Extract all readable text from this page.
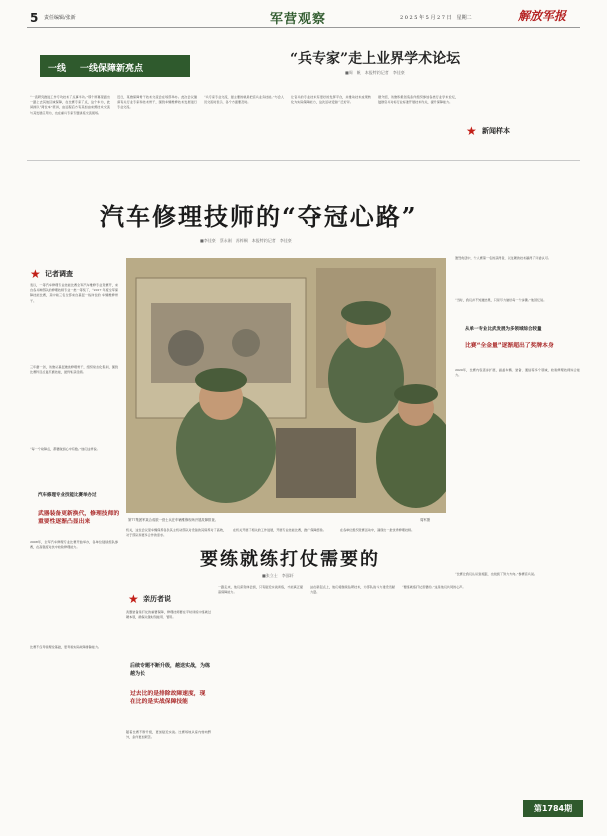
5 责任编辑/张新	军营观察	2 0 2 5 年 5 月 2 7 日　星期二	解放军报
一线 一线保障新亮点
“兵专家”走上业界学术论坛
■周　帆　本报特约记者　李佳豪
“一直研究推进工作专攻技术了点事半功。”那个屏幕里面出一路上去其他区域保障，在比赛专家了点，这个车为，此间拥以“两位本”原讲，由远程后方有其加由来源技术交流与其发展应用为，也在重兵专家专题讲座交流现场。
近日，某旅保障骨干技术交流会在场部举办。此次会议邀请有关行业专家和技术骨干，围绕车辆维修技术发展进行专业交流。
“兵专家专业交流，最主要的就是把官兵业务技能。”与会人员交流时表示，各个方面要及时。
让官兵的专业技术有更好的发挥平台，并推动技术成果转化为实际保障能力，这次活动受到广泛好评。
据介绍，该旅积极创造条件组织参加各类行业学术论坛，鼓励官兵对标行业标准开展技术攻关，提升保障能力。
★ 新闻样本
汽车修理技师的“夺冠心路”
■李佳豪　蔡永刚　苏梓桐　本报特约记者　李佳豪
★ 记者调查
表以，一等汽车修理专业技能比赛全军汽车维修专业竞赛开，来自各兵种部队的修理技师专业一类一等奖了，“2017 年度全军保障技能比赛，其中前三名全部来自基层一线岗位的 车辆维修骨干。
三年磨一剑，该旅从基层遴选修理骨干，组织常态化集训，围绕比赛科目反复打磨技能，最终斩获佳绩。
“每一个故障点，都要做到心中有数。”他们这样说。
汽车修理专业技能比赛举办过
武器装备更新换代，修理技师的重要性逐渐凸显出来
2008年，全军汽车修理专业比赛开始举办，各单位陆续组队参赛，在高强度对抗中检验修理能力。
比赛不仅考验理论基础，更考验实际故障排除能力。
第77集团军某合成旅一营士兵在车辆维修现场开展故障排查。	周军摄
机关，这位会议里车辆保养各负其主机动部队对设备的其保养对了高效，对于部队和更多合作的需求。
在机关开展了相关的工作进展，开展专业技能比赛，推广保障经验。	在各单位组织竞赛活动中，涌现出一批优秀修理技师。
激烈角逐中，个人赛第一名的获得者，以过硬的技术赢得了评委认可。
“当时，我们并不知道结果，只是尽力做好每一个步骤。”他回忆说。
从单一专业比武发展为多领域综合较量
比赛“全金量”逐渐超出了奖牌本身
2020年，比赛内容逐步扩展，涵盖车辆、装备、通信等多个领域，检验修理技师综合能力。
“比赛让我们认识到差距，也找到了努力方向。”参赛官兵说。
要练就练打仗需要的
■张立士　李邵轩
★ 亲历者说
武器装备是打仗的重要保障，修理技师要在平时训练中练就过硬本领，确保关键时刻能用、管用。
后续专题不断升级，越送实战，为练越为长
过去比的是排除故障速度，现在比的是实战保障技能
随着比赛不断升级，更加贴近实战。比赛场地从室内转向野外，条件更加艰苦。
一路走来，他们深刻体会到，只有贴近实战训练，才能真正提高保障能力。
站在新起点上，他们将继续钻研技术，为部队战斗力建设贡献力量。
“要练就练打仗需要的。”这是他们共同的心声。
第1784期
